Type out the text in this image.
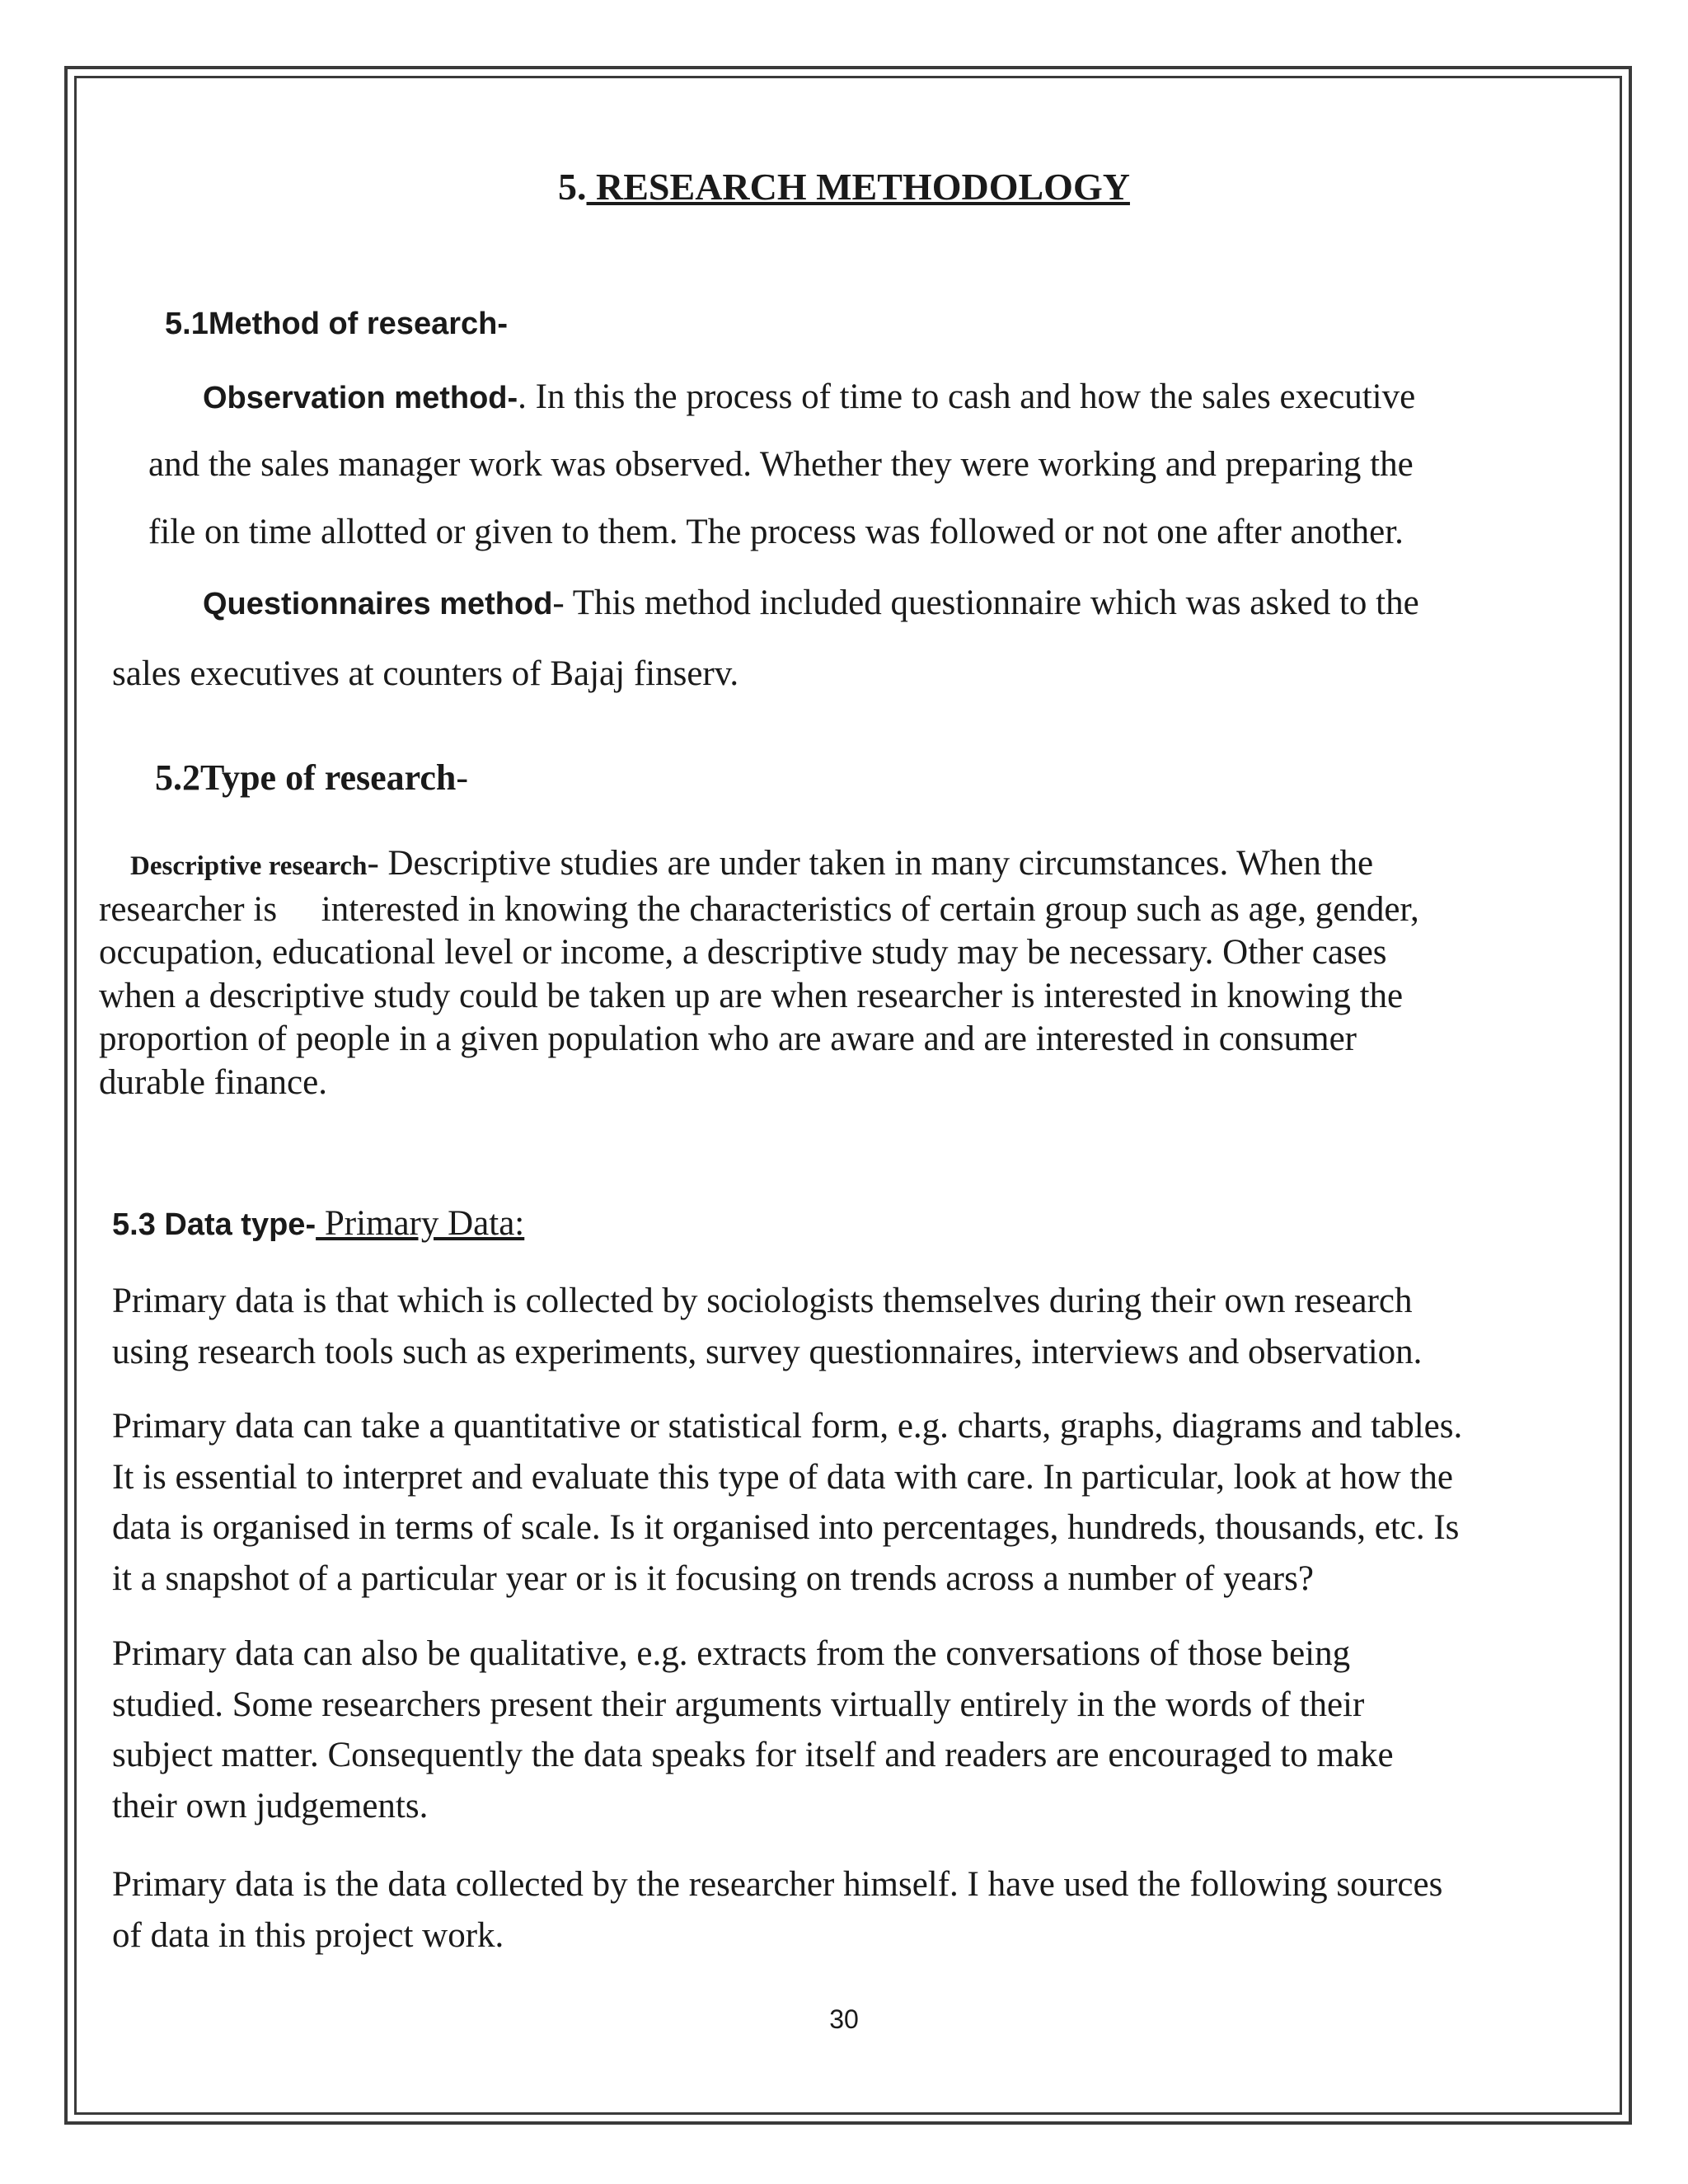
5. RESEARCH METHODOLOGY
5.1Method of research-
Observation method-. In this the process of time to cash and how the sales executive
and the sales manager work was observed. Whether they were working and preparing the
file on time allotted or given to them. The process was followed or not one after another.
Questionnaires method- This method included questionnaire which was asked to the
sales executives at counters of Bajaj finserv.
5.2Type of research-
Descriptive research- Descriptive studies are under taken in many circumstances. When the
researcher is     interested in knowing the characteristics of certain group such as age, gender,
occupation, educational level or income, a descriptive study may be necessary. Other cases
when a descriptive study could be taken up are when researcher is interested in knowing the
proportion of people in a given population who are aware and are interested in consumer
durable finance.
5.3 Data type- Primary Data:
Primary data is that which is collected by sociologists themselves during their own research
using research tools such as experiments, survey questionnaires, interviews and observation.
Primary data can take a quantitative or statistical form, e.g. charts, graphs, diagrams and tables.
It is essential to interpret and evaluate this type of data with care. In particular, look at how the
data is organised in terms of scale. Is it organised into percentages, hundreds, thousands, etc. Is
it a snapshot of a particular year or is it focusing on trends across a number of years?
Primary data can also be qualitative, e.g. extracts from the conversations of those being
studied. Some researchers present their arguments virtually entirely in the words of their
subject matter. Consequently the data speaks for itself and readers are encouraged to make
their own judgements.
Primary data is the data collected by the researcher himself. I have used the following sources
of data in this project work.
30
